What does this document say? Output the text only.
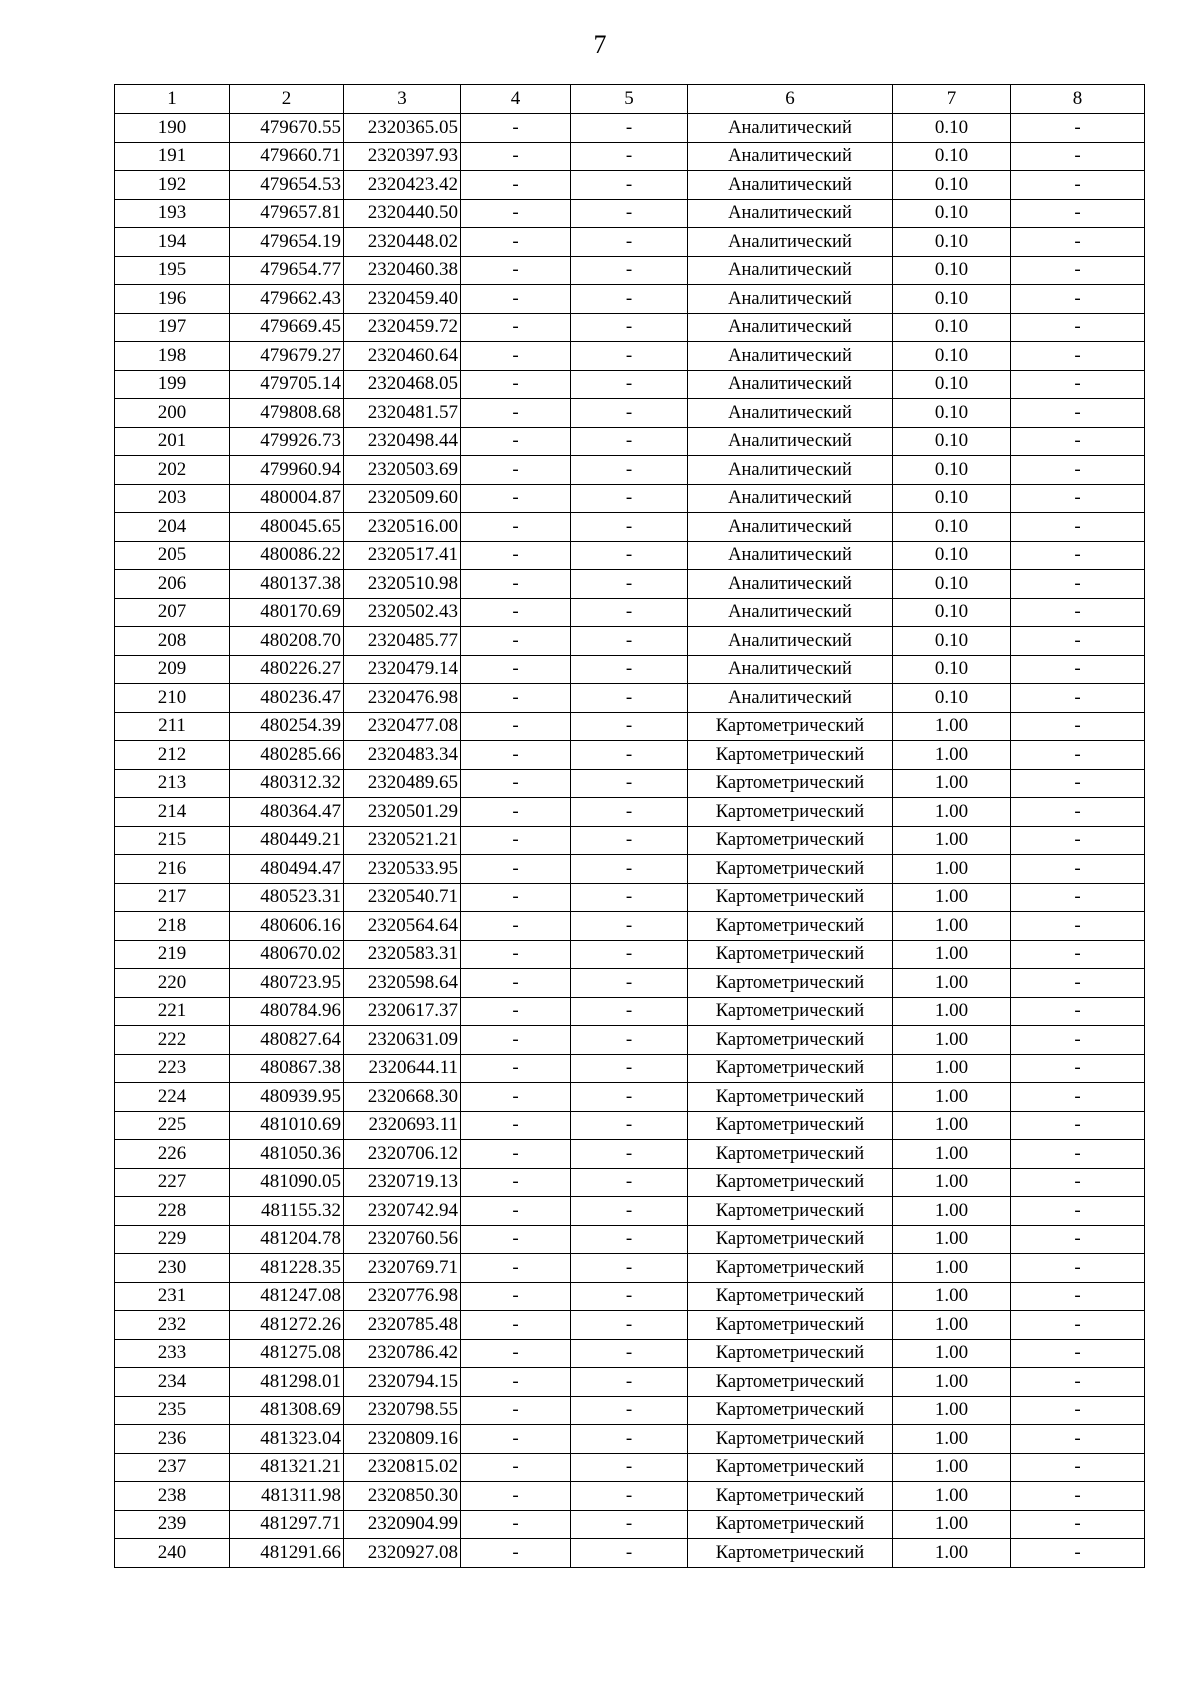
7
1	2	3	4	5	6	7	8
190	479670.55	2320365.05	-	-	Аналитический	0.10	-
191	479660.71	2320397.93	-	-	Аналитический	0.10	-
192	479654.53	2320423.42	-	-	Аналитический	0.10	-
193	479657.81	2320440.50	-	-	Аналитический	0.10	-
194	479654.19	2320448.02	-	-	Аналитический	0.10	-
195	479654.77	2320460.38	-	-	Аналитический	0.10	-
196	479662.43	2320459.40	-	-	Аналитический	0.10	-
197	479669.45	2320459.72	-	-	Аналитический	0.10	-
198	479679.27	2320460.64	-	-	Аналитический	0.10	-
199	479705.14	2320468.05	-	-	Аналитический	0.10	-
200	479808.68	2320481.57	-	-	Аналитический	0.10	-
201	479926.73	2320498.44	-	-	Аналитический	0.10	-
202	479960.94	2320503.69	-	-	Аналитический	0.10	-
203	480004.87	2320509.60	-	-	Аналитический	0.10	-
204	480045.65	2320516.00	-	-	Аналитический	0.10	-
205	480086.22	2320517.41	-	-	Аналитический	0.10	-
206	480137.38	2320510.98	-	-	Аналитический	0.10	-
207	480170.69	2320502.43	-	-	Аналитический	0.10	-
208	480208.70	2320485.77	-	-	Аналитический	0.10	-
209	480226.27	2320479.14	-	-	Аналитический	0.10	-
210	480236.47	2320476.98	-	-	Аналитический	0.10	-
211	480254.39	2320477.08	-	-	Картометрический	1.00	-
212	480285.66	2320483.34	-	-	Картометрический	1.00	-
213	480312.32	2320489.65	-	-	Картометрический	1.00	-
214	480364.47	2320501.29	-	-	Картометрический	1.00	-
215	480449.21	2320521.21	-	-	Картометрический	1.00	-
216	480494.47	2320533.95	-	-	Картометрический	1.00	-
217	480523.31	2320540.71	-	-	Картометрический	1.00	-
218	480606.16	2320564.64	-	-	Картометрический	1.00	-
219	480670.02	2320583.31	-	-	Картометрический	1.00	-
220	480723.95	2320598.64	-	-	Картометрический	1.00	-
221	480784.96	2320617.37	-	-	Картометрический	1.00	-
222	480827.64	2320631.09	-	-	Картометрический	1.00	-
223	480867.38	2320644.11	-	-	Картометрический	1.00	-
224	480939.95	2320668.30	-	-	Картометрический	1.00	-
225	481010.69	2320693.11	-	-	Картометрический	1.00	-
226	481050.36	2320706.12	-	-	Картометрический	1.00	-
227	481090.05	2320719.13	-	-	Картометрический	1.00	-
228	481155.32	2320742.94	-	-	Картометрический	1.00	-
229	481204.78	2320760.56	-	-	Картометрический	1.00	-
230	481228.35	2320769.71	-	-	Картометрический	1.00	-
231	481247.08	2320776.98	-	-	Картометрический	1.00	-
232	481272.26	2320785.48	-	-	Картометрический	1.00	-
233	481275.08	2320786.42	-	-	Картометрический	1.00	-
234	481298.01	2320794.15	-	-	Картометрический	1.00	-
235	481308.69	2320798.55	-	-	Картометрический	1.00	-
236	481323.04	2320809.16	-	-	Картометрический	1.00	-
237	481321.21	2320815.02	-	-	Картометрический	1.00	-
238	481311.98	2320850.30	-	-	Картометрический	1.00	-
239	481297.71	2320904.99	-	-	Картометрический	1.00	-
240	481291.66	2320927.08	-	-	Картометрический	1.00	-
